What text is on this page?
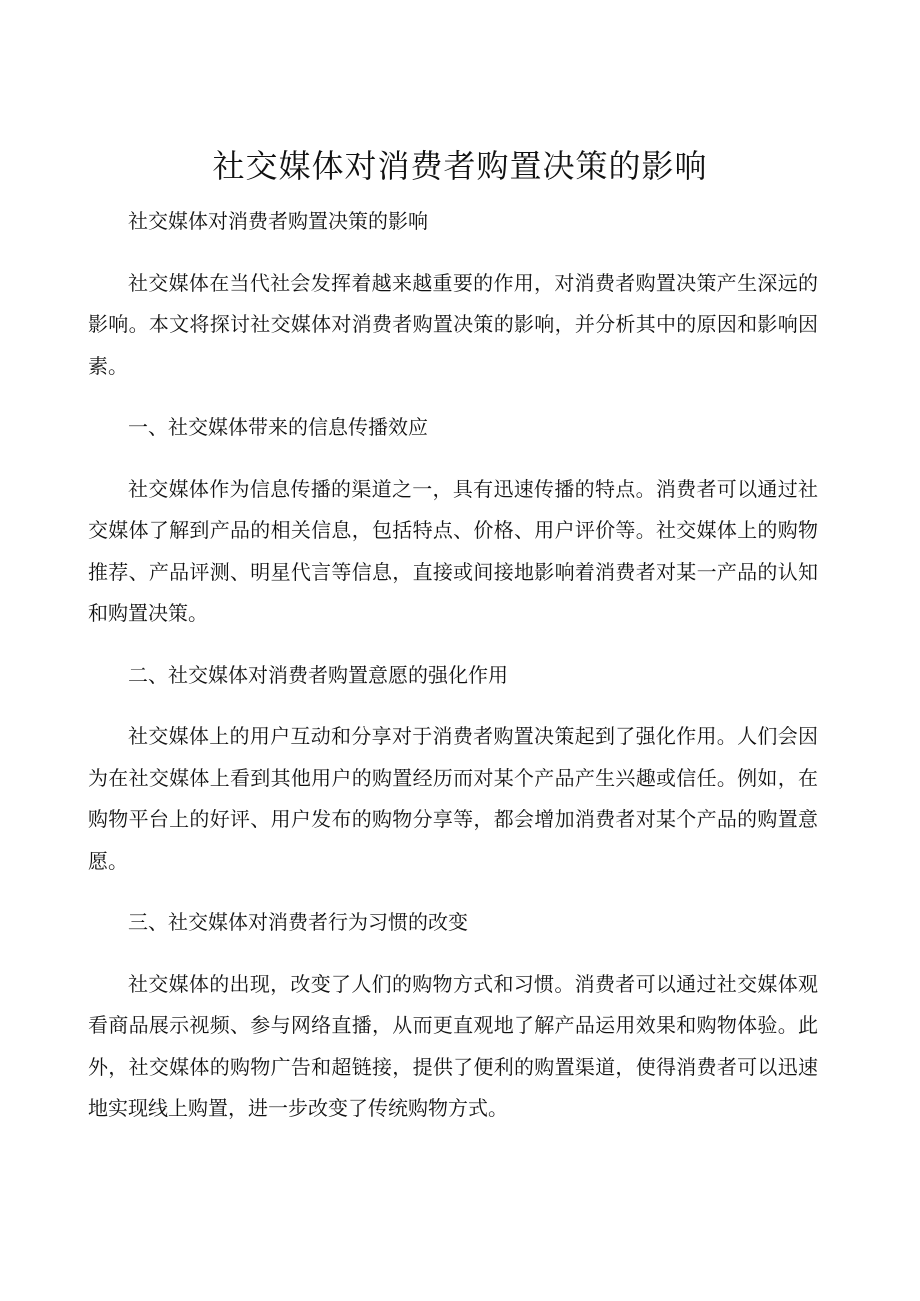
社交媒体对消费者购置决策的影响

社交媒体对消费者购置决策的影响

社交媒体在当代社会发挥着越来越重要的作用，对消费者购置决策产生深远的影响。本文将探讨社交媒体对消费者购置决策的影响，并分析其中的原因和影响因素。

一、社交媒体带来的信息传播效应

社交媒体作为信息传播的渠道之一，具有迅速传播的特点。消费者可以通过社交媒体了解到产品的相关信息，包括特点、价格、用户评价等。社交媒体上的购物推荐、产品评测、明星代言等信息，直接或间接地影响着消费者对某一产品的认知和购置决策。

二、社交媒体对消费者购置意愿的强化作用

社交媒体上的用户互动和分享对于消费者购置决策起到了强化作用。人们会因为在社交媒体上看到其他用户的购置经历而对某个产品产生兴趣或信任。例如，在购物平台上的好评、用户发布的购物分享等，都会增加消费者对某个产品的购置意愿。

三、社交媒体对消费者行为习惯的改变

社交媒体的出现，改变了人们的购物方式和习惯。消费者可以通过社交媒体观看商品展示视频、参与网络直播，从而更直观地了解产品运用效果和购物体验。此外，社交媒体的购物广告和超链接，提供了便利的购置渠道，使得消费者可以迅速地实现线上购置，进一步改变了传统购物方式。
